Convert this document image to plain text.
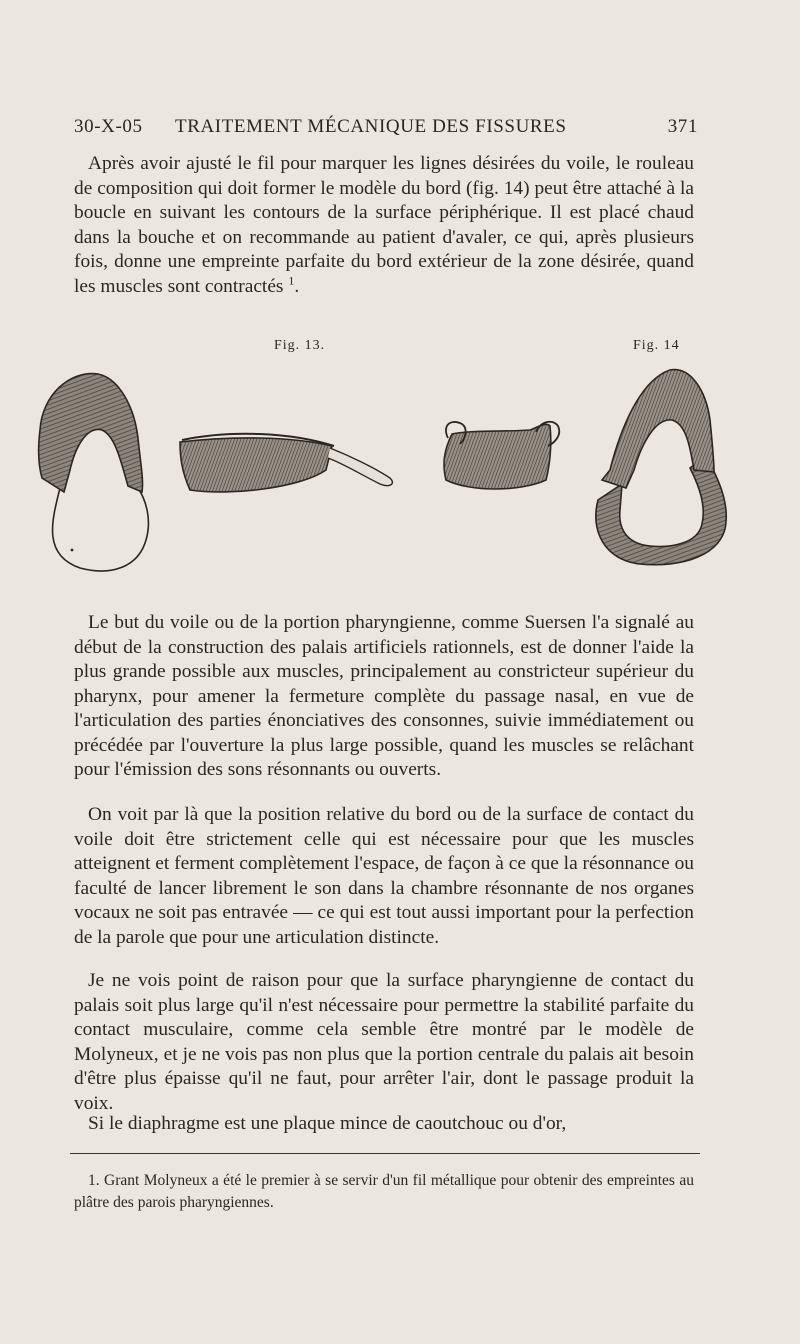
30-X-05 TRAITEMENT MÉCANIQUE DES FISSURES	371

Après avoir ajusté le fil pour marquer les lignes désirées du voile, le rouleau de composition qui doit former le modèle du bord (fig. 14) peut être attaché à la boucle en suivant les contours de la surface périphérique. Il est placé chaud dans la bouche et on recommande au patient d'avaler, ce qui, après plusieurs fois, donne une empreinte parfaite du bord extérieur de la zone désirée, quand les muscles sont contractés $^1$.

Fig. 13.	Fig. 14

Le but du voile ou de la portion pharyngienne, comme Suersen l'a signalé au début de la construction des palais artificiels rationnels, est de donner l'aide la plus grande possible aux muscles, principalement au constricteur supérieur du pharynx, pour amener la fermeture complète du passage nasal, en vue de l'articulation des parties énonciatives des consonnes, suivie immédiatement ou précédée par l'ouverture la plus large possible, quand les muscles se relâchant pour l'émission des sons résonnants ou ouverts.

On voit par là que la position relative du bord ou de la surface de contact du voile doit être strictement celle qui est nécessaire pour que les muscles atteignent et ferment complètement l'espace, de façon à ce que la résonnance ou faculté de lancer librement le son dans la chambre résonnante de nos organes vocaux ne soit pas entravée — ce qui est tout aussi important pour la perfection de la parole que pour une articulation distincte.

Je ne vois point de raison pour que la surface pharyngienne de contact du palais soit plus large qu'il n'est nécessaire pour permettre la stabilité parfaite du contact musculaire, comme cela semble être montré par le modèle de Molyneux, et je ne vois pas non plus que la portion centrale du palais ait besoin d'être plus épaisse qu'il ne faut, pour arrêter l'air, dont le passage produit la voix.

Si le diaphragme est une plaque mince de caoutchouc ou d'or,

1. Grant Molyneux a été le premier à se servir d'un fil métallique pour obtenir des empreintes au plâtre des parois pharyngiennes.
